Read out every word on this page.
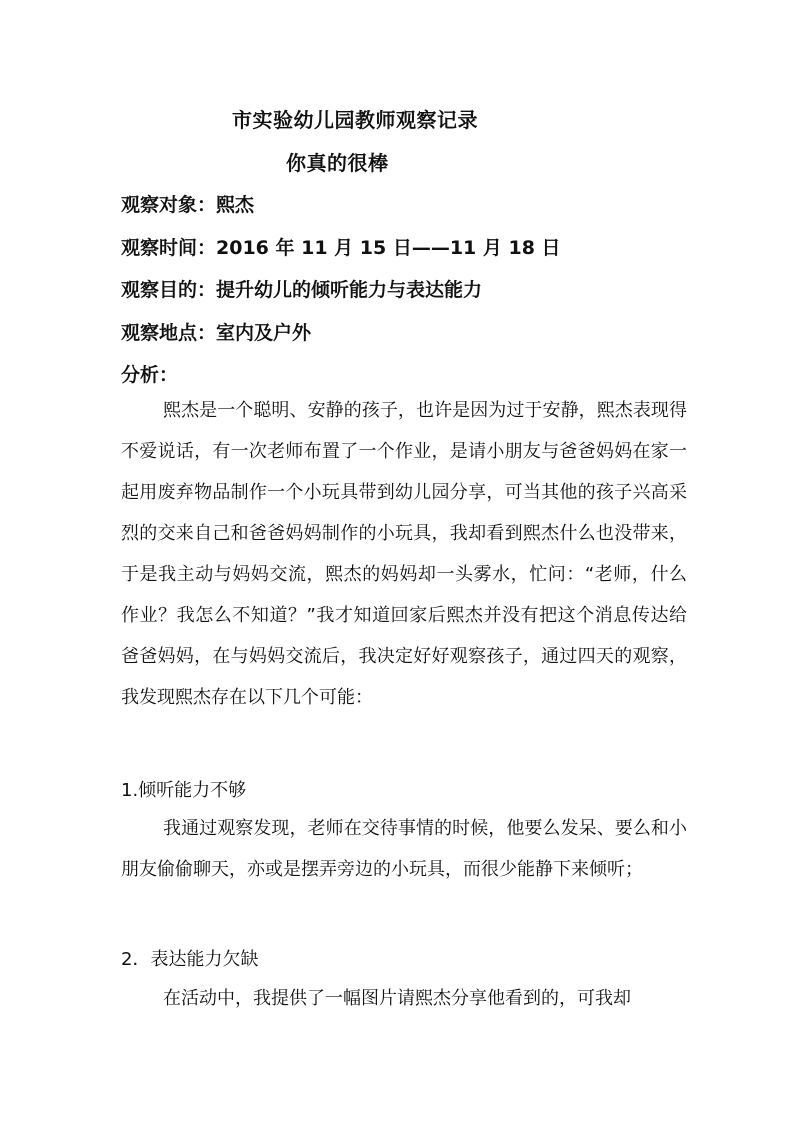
市实验幼儿园教师观察记录
你真的很棒
观察对象：熙杰
观察时间：2016 年 11 月 15 日——11 月 18 日
观察目的：提升幼儿的倾听能力与表达能力
观察地点：室内及户外
分析：

熙杰是一个聪明、安静的孩子，也许是因为过于安静，熙杰表现得不爱说话，有一次老师布置了一个作业，是请小朋友与爸爸妈妈在家一起用废弃物品制作一个小玩具带到幼儿园分享，可当其他的孩子兴高采烈的交来自己和爸爸妈妈制作的小玩具，我却看到熙杰什么也没带来，于是我主动与妈妈交流，熙杰的妈妈却一头雾水，忙问：“老师，什么作业？我怎么不知道？”我才知道回家后熙杰并没有把这个消息传达给爸爸妈妈，在与妈妈交流后，我决定好好观察孩子，通过四天的观察，我发现熙杰存在以下几个可能：

1.倾听能力不够

我通过观察发现，老师在交待事情的时候，他要么发呆、要么和小朋友偷偷聊天，亦或是摆弄旁边的小玩具，而很少能静下来倾听；

2．表达能力欠缺

在活动中，我提供了一幅图片请熙杰分享他看到的，可我却
